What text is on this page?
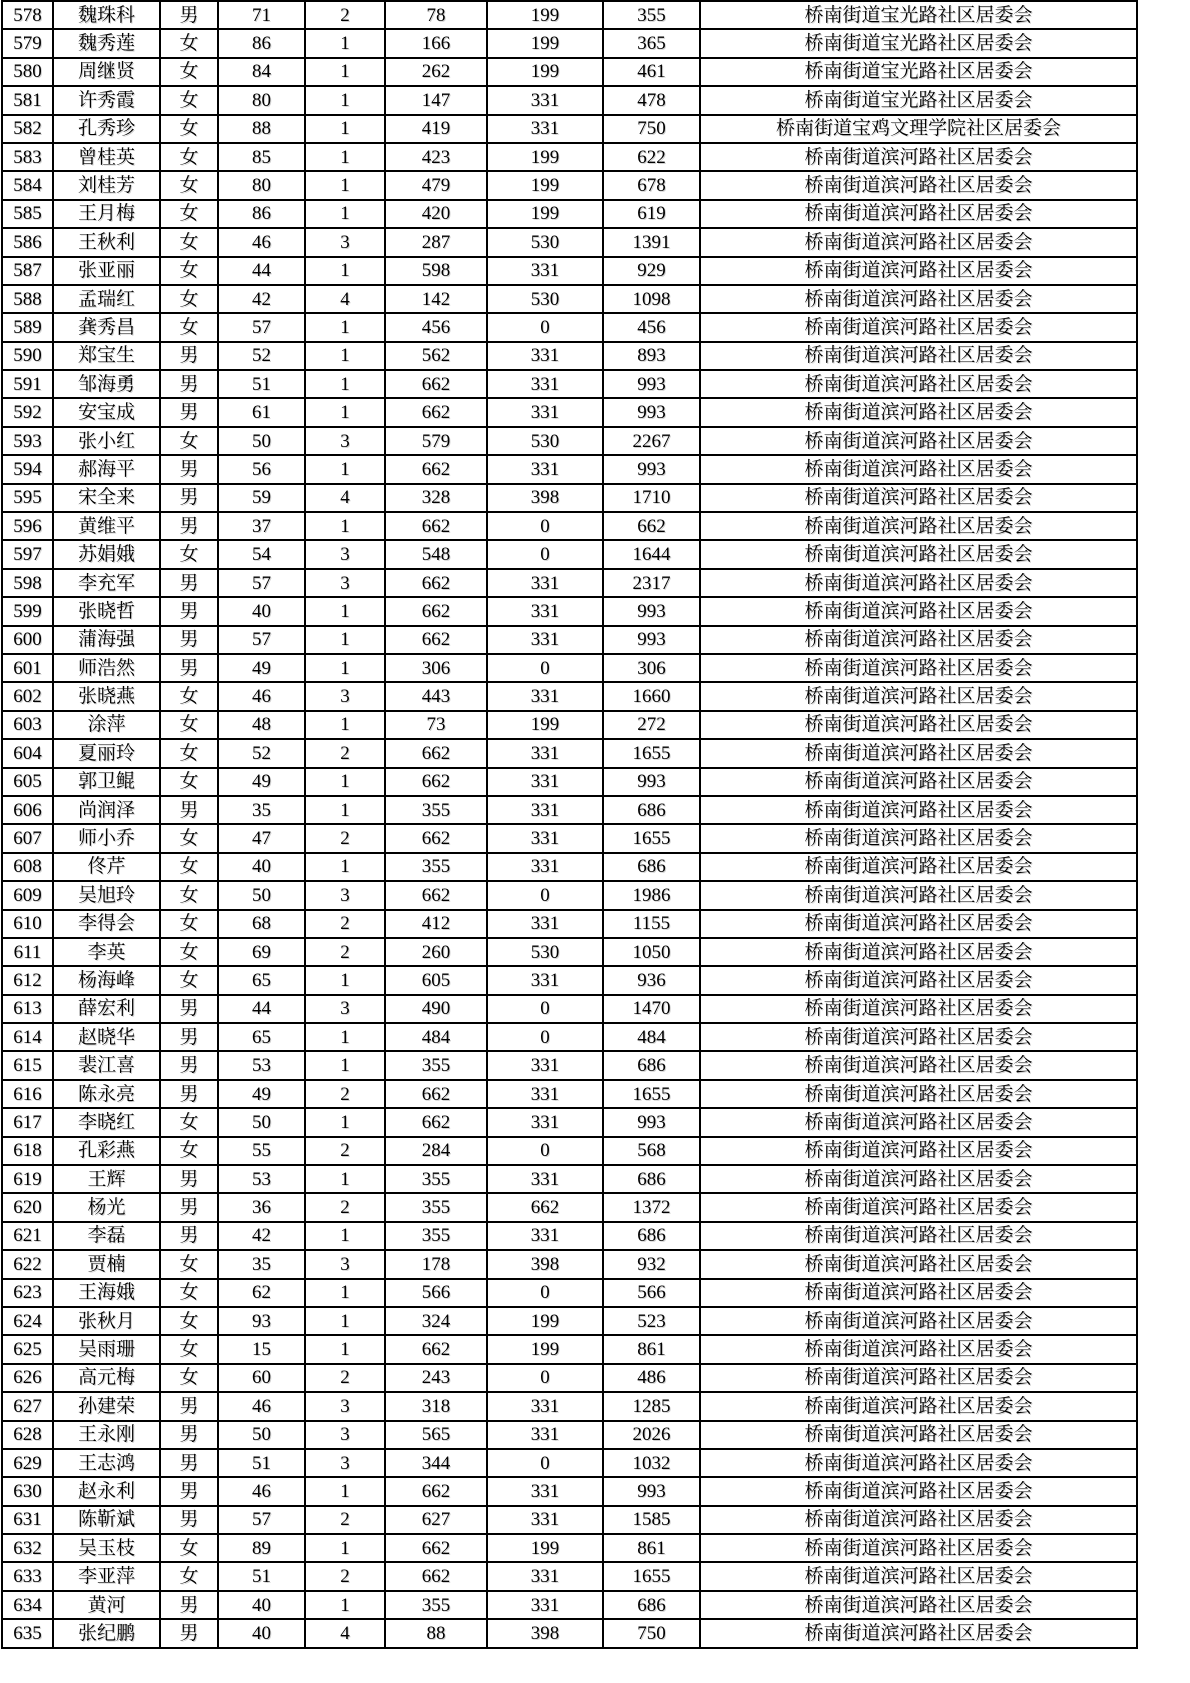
578	魏珠科	男	71	2	78	199	355	桥南街道宝光路社区居委会
579	魏秀莲	女	86	1	166	199	365	桥南街道宝光路社区居委会
580	周继贤	女	84	1	262	199	461	桥南街道宝光路社区居委会
581	许秀霞	女	80	1	147	331	478	桥南街道宝光路社区居委会
582	孔秀珍	女	88	1	419	331	750	桥南街道宝鸡文理学院社区居委会
583	曾桂英	女	85	1	423	199	622	桥南街道滨河路社区居委会
584	刘桂芳	女	80	1	479	199	678	桥南街道滨河路社区居委会
585	王月梅	女	86	1	420	199	619	桥南街道滨河路社区居委会
586	王秋利	女	46	3	287	530	1391	桥南街道滨河路社区居委会
587	张亚丽	女	44	1	598	331	929	桥南街道滨河路社区居委会
588	孟瑞红	女	42	4	142	530	1098	桥南街道滨河路社区居委会
589	龚秀昌	女	57	1	456	0	456	桥南街道滨河路社区居委会
590	郑宝生	男	52	1	562	331	893	桥南街道滨河路社区居委会
591	邹海勇	男	51	1	662	331	993	桥南街道滨河路社区居委会
592	安宝成	男	61	1	662	331	993	桥南街道滨河路社区居委会
593	张小红	女	50	3	579	530	2267	桥南街道滨河路社区居委会
594	郝海平	男	56	1	662	331	993	桥南街道滨河路社区居委会
595	宋全来	男	59	4	328	398	1710	桥南街道滨河路社区居委会
596	黄维平	男	37	1	662	0	662	桥南街道滨河路社区居委会
597	苏娟娥	女	54	3	548	0	1644	桥南街道滨河路社区居委会
598	李充军	男	57	3	662	331	2317	桥南街道滨河路社区居委会
599	张晓哲	男	40	1	662	331	993	桥南街道滨河路社区居委会
600	蒲海强	男	57	1	662	331	993	桥南街道滨河路社区居委会
601	师浩然	男	49	1	306	0	306	桥南街道滨河路社区居委会
602	张晓燕	女	46	3	443	331	1660	桥南街道滨河路社区居委会
603	涂萍	女	48	1	73	199	272	桥南街道滨河路社区居委会
604	夏丽玲	女	52	2	662	331	1655	桥南街道滨河路社区居委会
605	郭卫鲲	女	49	1	662	331	993	桥南街道滨河路社区居委会
606	尚润泽	男	35	1	355	331	686	桥南街道滨河路社区居委会
607	师小乔	女	47	2	662	331	1655	桥南街道滨河路社区居委会
608	佟芹	女	40	1	355	331	686	桥南街道滨河路社区居委会
609	吴旭玲	女	50	3	662	0	1986	桥南街道滨河路社区居委会
610	李得会	女	68	2	412	331	1155	桥南街道滨河路社区居委会
611	李英	女	69	2	260	530	1050	桥南街道滨河路社区居委会
612	杨海峰	女	65	1	605	331	936	桥南街道滨河路社区居委会
613	薛宏利	男	44	3	490	0	1470	桥南街道滨河路社区居委会
614	赵晓华	男	65	1	484	0	484	桥南街道滨河路社区居委会
615	裴江喜	男	53	1	355	331	686	桥南街道滨河路社区居委会
616	陈永亮	男	49	2	662	331	1655	桥南街道滨河路社区居委会
617	李晓红	女	50	1	662	331	993	桥南街道滨河路社区居委会
618	孔彩燕	女	55	2	284	0	568	桥南街道滨河路社区居委会
619	王辉	男	53	1	355	331	686	桥南街道滨河路社区居委会
620	杨光	男	36	2	355	662	1372	桥南街道滨河路社区居委会
621	李磊	男	42	1	355	331	686	桥南街道滨河路社区居委会
622	贾楠	女	35	3	178	398	932	桥南街道滨河路社区居委会
623	王海娥	女	62	1	566	0	566	桥南街道滨河路社区居委会
624	张秋月	女	93	1	324	199	523	桥南街道滨河路社区居委会
625	吴雨珊	女	15	1	662	199	861	桥南街道滨河路社区居委会
626	高元梅	女	60	2	243	0	486	桥南街道滨河路社区居委会
627	孙建荣	男	46	3	318	331	1285	桥南街道滨河路社区居委会
628	王永刚	男	50	3	565	331	2026	桥南街道滨河路社区居委会
629	王志鸿	男	51	3	344	0	1032	桥南街道滨河路社区居委会
630	赵永利	男	46	1	662	331	993	桥南街道滨河路社区居委会
631	陈靳斌	男	57	2	627	331	1585	桥南街道滨河路社区居委会
632	吴玉枝	女	89	1	662	199	861	桥南街道滨河路社区居委会
633	李亚萍	女	51	2	662	331	1655	桥南街道滨河路社区居委会
634	黄河	男	40	1	355	331	686	桥南街道滨河路社区居委会
635	张纪鹏	男	40	4	88	398	750	桥南街道滨河路社区居委会
